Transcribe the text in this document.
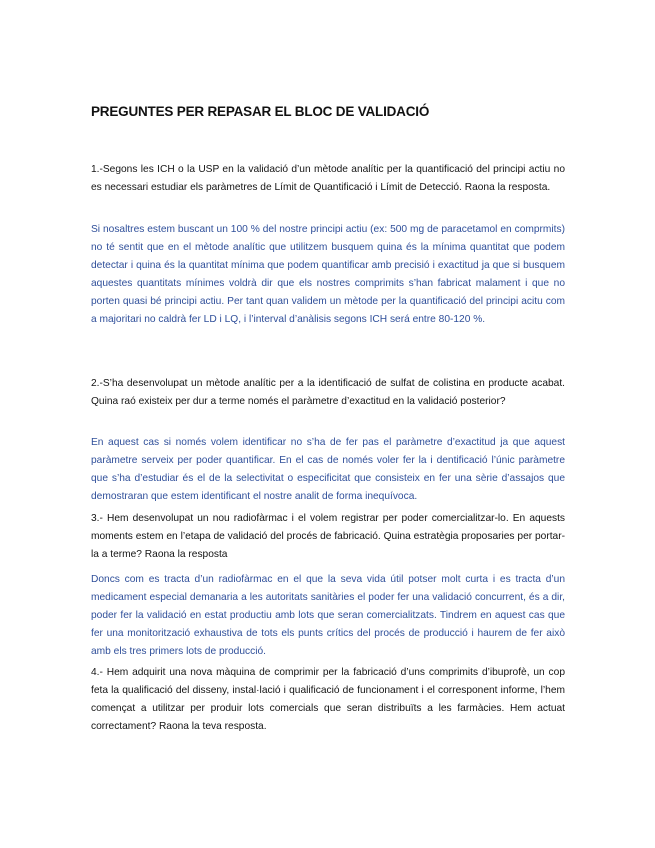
PREGUNTES PER REPASAR EL BLOC DE VALIDACIÓ

1.-Segons les ICH o la USP en la validació d’un mètode analític per la quantificació del principi actiu no es necessari estudiar els paràmetres de Límit de Quantificació i Límit de Detecció. Raona la resposta.

Si nosaltres estem buscant un 100 % del nostre principi actiu (ex: 500 mg de paracetamol en comprmits) no té sentit que en el mètode analític que utilitzem busquem quina és la mínima quantitat que podem detectar i quina és la quantitat mínima que podem quantificar amb precisió i exactitud ja que si busquem aquestes quantitats mínimes voldrà dir que els nostres comprimits s’han fabricat malament i que no porten quasi bé principi actiu. Per tant quan validem un mètode per la quantificació del principi acitu com a majoritari no caldrà fer LD i LQ, i l’interval d’anàlisis segons ICH será entre 80-120 %.

2.-S’ha desenvolupat un mètode analític per a la identificació de sulfat de colistina en producte acabat. Quina raó existeix per dur a terme només el paràmetre d’exactitud en la validació posterior?

En aquest cas si només volem identificar no s’ha de fer pas el paràmetre d’exactitud ja que aquest paràmetre serveix per poder quantificar. En el cas de només voler fer la i dentificació l’únic paràmetre que s’ha d’estudiar és el de la selectivitat o especificitat que consisteix en fer una sèrie d’assajos que demostraran que estem identificant el nostre analit de forma inequívoca.

3.- Hem desenvolupat un nou radiofàrmac i el volem registrar per poder comercialitzar-lo. En aquests moments estem en l’etapa de validació del procés de fabricació. Quina estratègia proposaries per portar-la a terme? Raona la resposta

Doncs com es tracta d’un radiofàrmac en el que la seva vida útil potser molt curta i es tracta d’un medicament especial demanaria a les autoritats sanitàries el poder fer una validació concurrent, és a dir, poder fer la validació en estat productiu amb lots que seran comercialitzats. Tindrem en aquest cas que fer una monitorització exhaustiva de tots els punts crítics del procés de producció i haurem de fer això amb els tres primers lots de producció.

4.- Hem adquirit una nova màquina de comprimir per la fabricació d’uns comprimits d’ibuprofè, un cop feta la qualificació del disseny, instal·lació i qualificació de funcionament i el corresponent informe, l’hem començat a utilitzar per produir lots comercials que seran distribuïts a les farmàcies. Hem actuat correctament? Raona la teva resposta.
